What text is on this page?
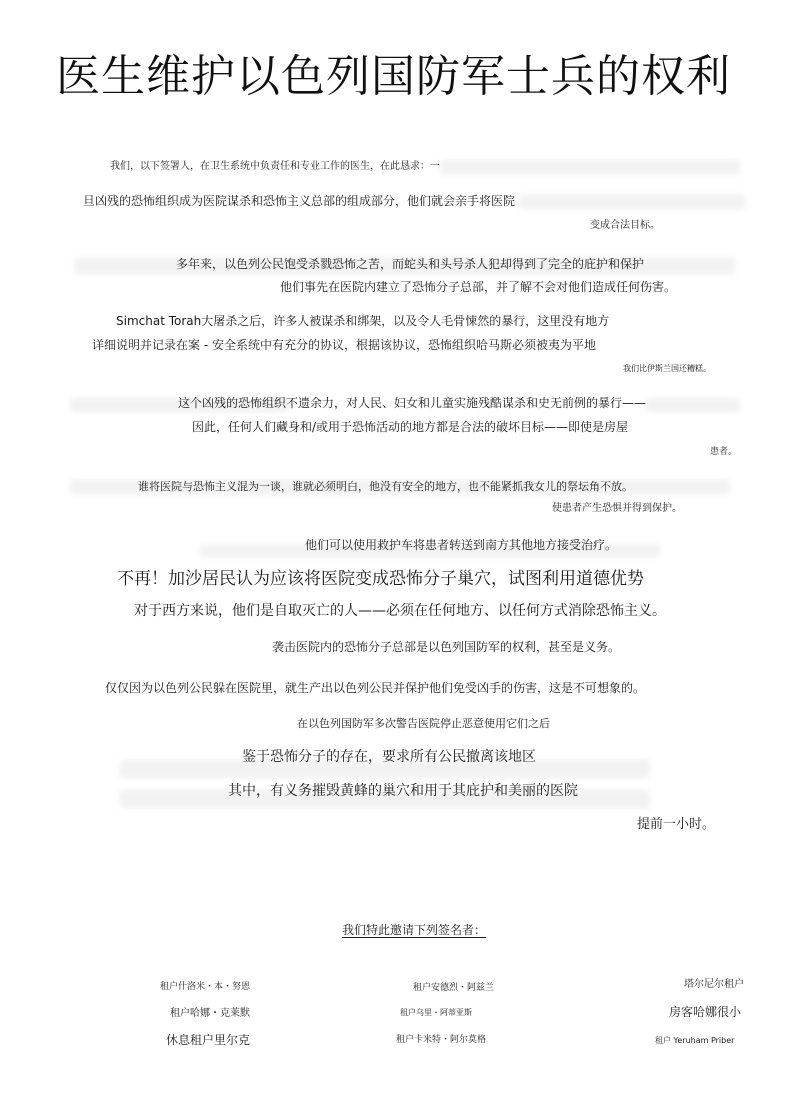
医生维护以色列国防军士兵的权利
我们，以下签署人，在卫生系统中负责任和专业工作的医生，在此恳求：一
旦凶残的恐怖组织成为医院谋杀和恐怖主义总部的组成部分，他们就会亲手将医院
变成合法目标。
多年来，以色列公民饱受杀戮恐怖之苦，而蛇头和头号杀人犯却得到了完全的庇护和保护
他们事先在医院内建立了恐怖分子总部，并了解不会对他们造成任何伤害。
Simchat Torah大屠杀之后，许多人被谋杀和绑架，以及令人毛骨悚然的暴行，这里没有地方
详细说明并记录在案 - 安全系统中有充分的协议，根据该协议，恐怖组织哈马斯必须被夷为平地
我们比伊斯兰国还糟糕。
这个凶残的恐怖组织不遗余力，对人民、妇女和儿童实施残酷谋杀和史无前例的暴行——
因此，任何人们藏身和/或用于恐怖活动的地方都是合法的破坏目标——即使是房屋
患者。
谁将医院与恐怖主义混为一谈，谁就必须明白，他没有安全的地方，也不能紧抓我女儿的祭坛角不放。
使患者产生恐惧并得到保护。
他们可以使用救护车将患者转送到南方其他地方接受治疗。
不再！加沙居民认为应该将医院变成恐怖分子巢穴，试图利用道德优势
对于西方来说，他们是自取灭亡的人——必须在任何地方、以任何方式消除恐怖主义。
袭击医院内的恐怖分子总部是以色列国防军的权利，甚至是义务。
仅仅因为以色列公民躲在医院里，就生产出以色列公民并保护他们免受凶手的伤害，这是不可想象的。
在以色列国防军多次警告医院停止恶意使用它们之后
鉴于恐怖分子的存在，要求所有公民撤离该地区
其中，有义务摧毁黄蜂的巢穴和用于其庇护和美丽的医院
提前一小时。
我们特此邀请下列签名者：
租户什洛米・本・努恩
租户哈娜・克莱默
休息租户里尔克
租户安德烈・阿兹兰
租户乌里・阿蒂亚斯
租户卡米特・阿尔莫格
塔尔尼尔租户
房客哈娜很小
租户 Yeruham Priber
